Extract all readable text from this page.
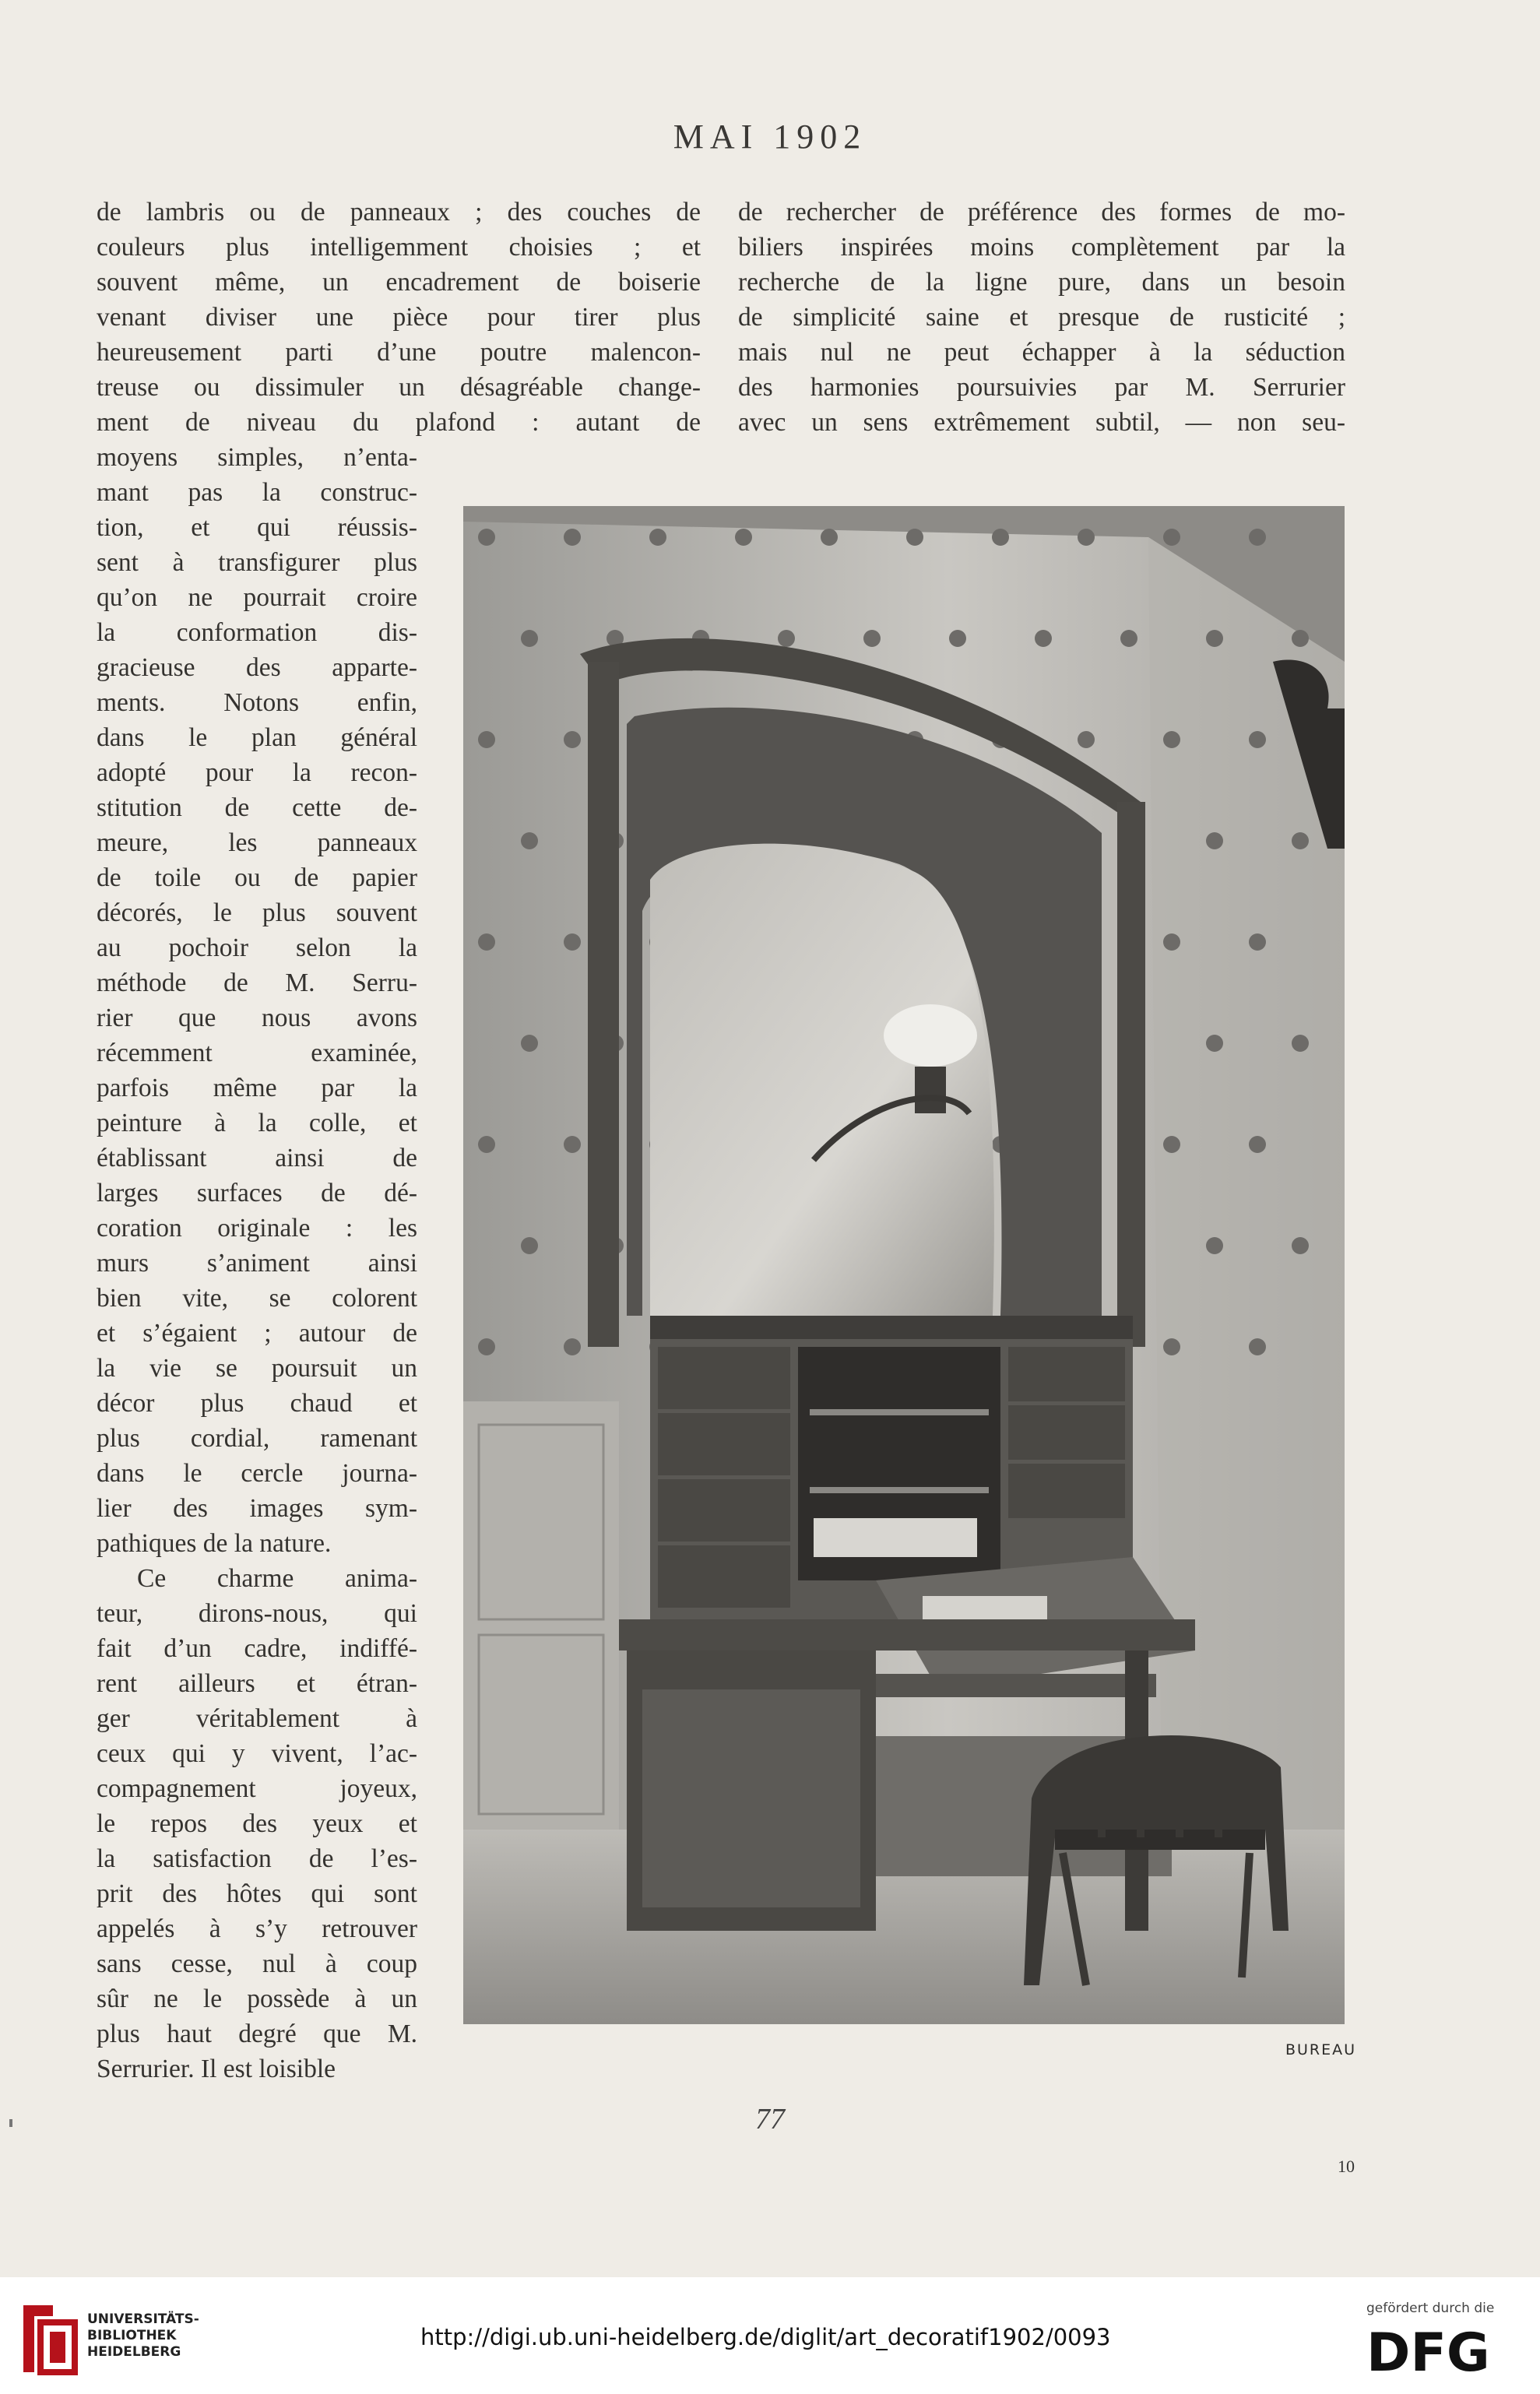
MAI 1902
de lambris ou de panneaux ; des couches de
couleurs plus intelligemment choisies ; et
souvent même, un encadrement de boiserie
venant diviser une pièce pour tirer plus
heureusement parti d’une poutre malencon-
treuse ou dissimuler un désagréable change-
ment de niveau du plafond : autant de
moyens simples, n’enta-
mant pas la construc-
tion, et qui réussis-
sent à transfigurer plus
qu’on ne pourrait croire
la conformation dis-
gracieuse des apparte-
ments. Notons enfin,
dans le plan général
adopté pour la recon-
stitution de cette de-
meure, les panneaux
de toile ou de papier
décorés, le plus souvent
au pochoir selon la
méthode de M. Serru-
rier que nous avons
récemment examinée,
parfois même par la
peinture à la colle, et
établissant ainsi de
larges surfaces de dé-
coration originale : les
murs s’animent ainsi
bien vite, se colorent
et s’égaient ; autour de
la vie se poursuit un
décor plus chaud et
plus cordial, ramenant
dans le cercle journa-
lier des images sym-
pathiques de la nature.
Ce charme anima-
teur, dirons-nous, qui
fait d’un cadre, indiffé-
rent ailleurs et étran-
ger véritablement à
ceux qui y vivent, l’ac-
compagnement joyeux,
le repos des yeux et
la satisfaction de l’es-
prit des hôtes qui sont
appelés à s’y retrouver
sans cesse, nul à coup
sûr ne le possède à un
plus haut degré que M.
Serrurier. Il est loisible
de rechercher de préférence des formes de mo-
biliers inspirées moins complètement par la
recherche de la ligne pure, dans un besoin
de simplicité saine et presque de rusticité ;
mais nul ne peut échapper à la séduction
des harmonies poursuivies par M. Serrurier
avec un sens extrêmement subtil, — non seu-
BUREAU
77
10
UNIVERSITÄTS-
BIBLIOTHEK
HEIDELBERG
http://digi.ub.uni-heidelberg.de/diglit/art_decoratif1902/0093
gefördert durch die
DFG
